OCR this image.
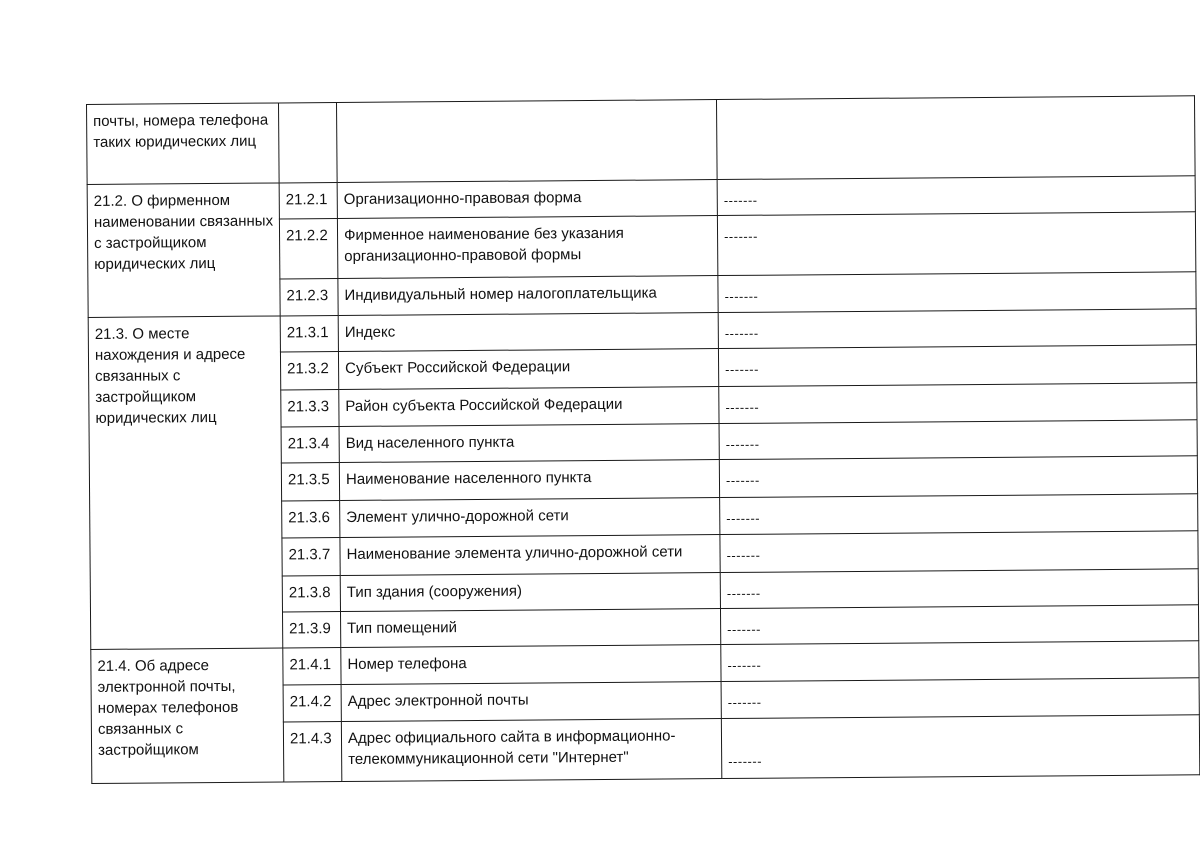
почты, номера телефона таких юридических лиц			
21.2. О фирменном наименовании связанных с застройщиком юридических лиц	21.2.1	Организационно-правовая форма	-------
	21.2.2	Фирменное наименование без указания организационно-правовой формы	-------
	21.2.3	Индивидуальный номер налогоплательщика	-------
21.3. О месте нахождения и адресе связанных с застройщиком юридических лиц	21.3.1	Индекс	-------
	21.3.2	Субъект Российской Федерации	-------
	21.3.3	Район субъекта Российской Федерации	-------
	21.3.4	Вид населенного пункта	-------
	21.3.5	Наименование населенного пункта	-------
	21.3.6	Элемент улично-дорожной сети	-------
	21.3.7	Наименование элемента улично-дорожной сети	-------
	21.3.8	Тип здания (сооружения)	-------
	21.3.9	Тип помещений	-------
21.4. Об адресе электронной почты, номерах телефонов связанных с застройщиком	21.4.1	Номер телефона	-------
	21.4.2	Адрес электронной почты	-------
	21.4.3	Адрес официального сайта в информационно-телекоммуникационной сети "Интернет"	-------
